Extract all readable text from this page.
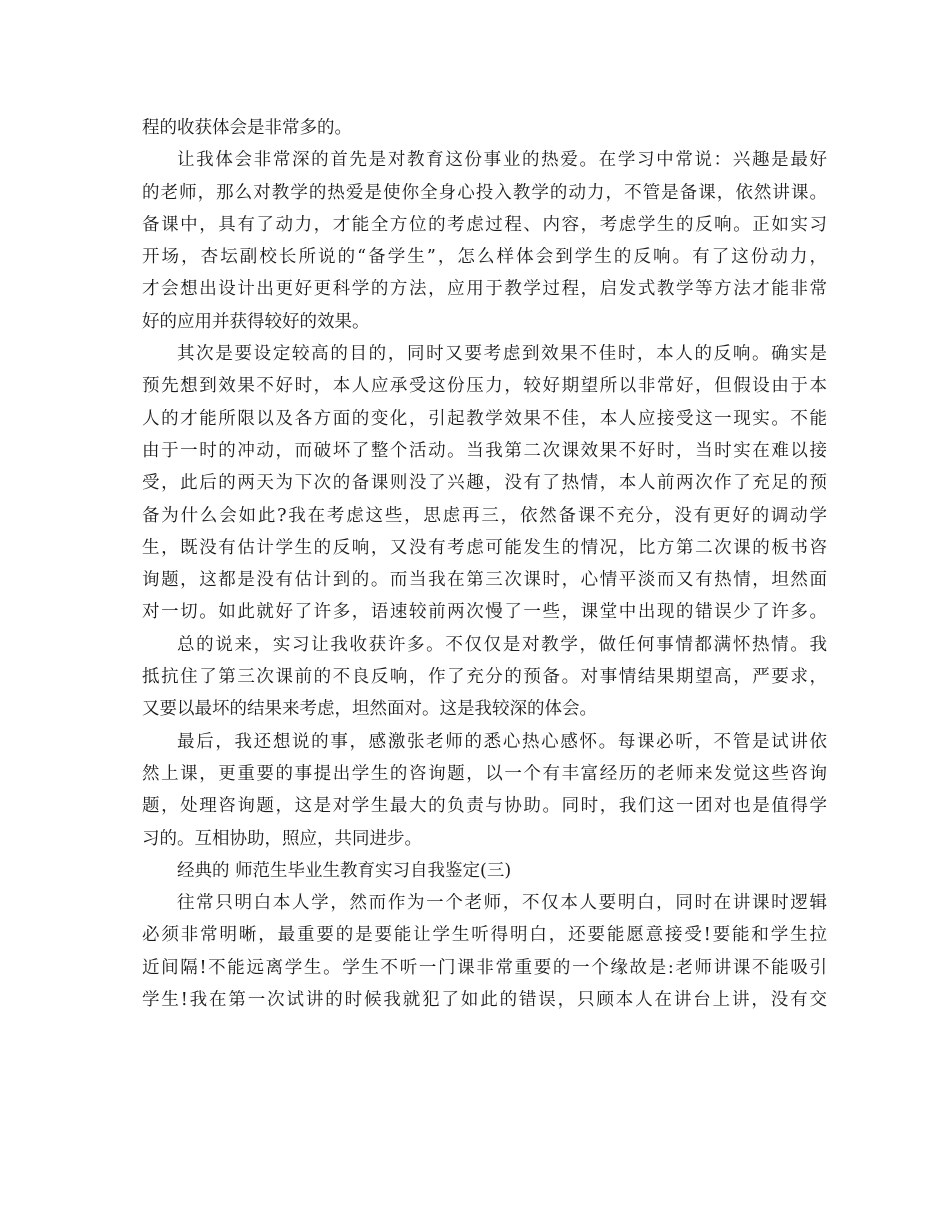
程的收获体会是非常多的。
让我体会非常深的首先是对教育这份事业的热爱。在学习中常说：兴趣是最好
的老师，那么对教学的热爱是使你全身心投入教学的动力，不管是备课，依然讲课。
备课中，具有了动力，才能全方位的考虑过程、内容，考虑学生的反响。正如实习
开场，杏坛副校长所说的“备学生”，怎么样体会到学生的反响。有了这份动力，
才会想出设计出更好更科学的方法，应用于教学过程，启发式教学等方法才能非常
好的应用并获得较好的效果。
其次是要设定较高的目的，同时又要考虑到效果不佳时，本人的反响。确实是
预先想到效果不好时，本人应承受这份压力，较好期望所以非常好，但假设由于本
人的才能所限以及各方面的变化，引起教学效果不佳，本人应接受这一现实。不能
由于一时的冲动，而破坏了整个活动。当我第二次课效果不好时，当时实在难以接
受，此后的两天为下次的备课则没了兴趣，没有了热情，本人前两次作了充足的预
备为什么会如此?我在考虑这些，思虑再三，依然备课不充分，没有更好的调动学
生，既没有估计学生的反响，又没有考虑可能发生的情况，比方第二次课的板书咨
询题，这都是没有估计到的。而当我在第三次课时，心情平淡而又有热情，坦然面
对一切。如此就好了许多，语速较前两次慢了一些，课堂中出现的错误少了许多。
总的说来，实习让我收获许多。不仅仅是对教学，做任何事情都满怀热情。我
抵抗住了第三次课前的不良反响，作了充分的预备。对事情结果期望高，严要求，
又要以最坏的结果来考虑，坦然面对。这是我较深的体会。
最后，我还想说的事，感激张老师的悉心热心感怀。每课必听，不管是试讲依
然上课，更重要的事提出学生的咨询题，以一个有丰富经历的老师来发觉这些咨询
题，处理咨询题，这是对学生最大的负责与协助。同时，我们这一团对也是值得学
习的。互相协助，照应，共同进步。
经典的 师范生毕业生教育实习自我鉴定(三)
往常只明白本人学，然而作为一个老师，不仅本人要明白，同时在讲课时逻辑
必须非常明晰，最重要的是要能让学生听得明白，还要能愿意接受!要能和学生拉
近间隔!不能远离学生。学生不听一门课非常重要的一个缘故是:老师讲课不能吸引
学生!我在第一次试讲的时候我就犯了如此的错误，只顾本人在讲台上讲，没有交
